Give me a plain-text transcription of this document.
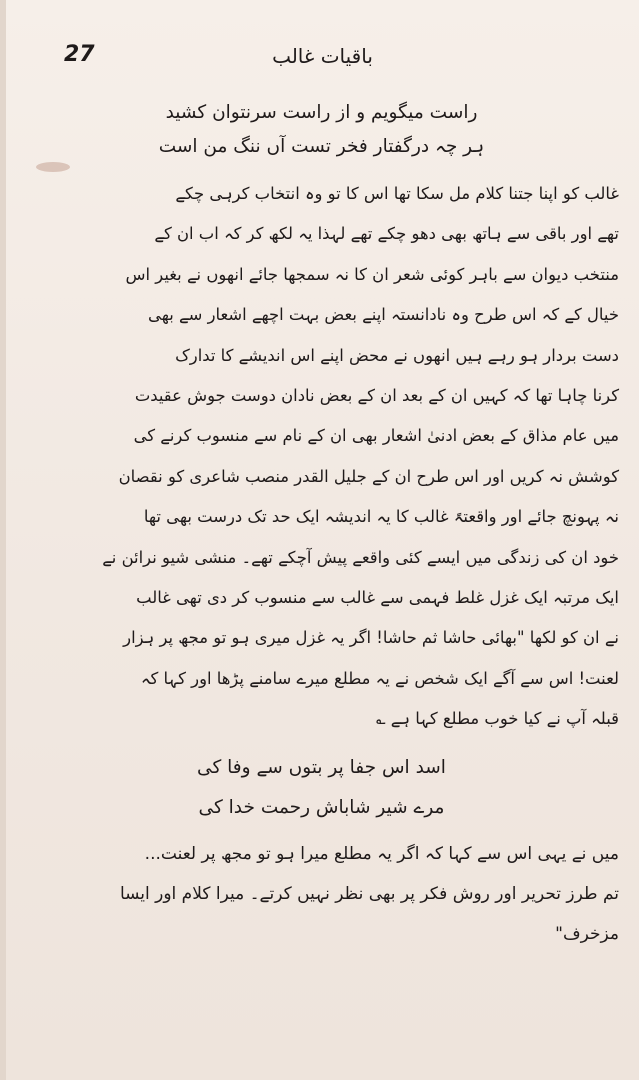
27	باقیات غالب
راست میگویم و از راست سرنتوان کشید
ہر چہ درگفتار فخر تست آں ننگ من است

غالب کو اپنا جتنا کلام مل سکا تھا اس کا تو وہ انتخاب کرہی چکے

تھے اور باقی سے ہاتھ بھی دھو چکے تھے لہذا یہ لکھ کر کہ اب ان کے

منتخب دیوان سے باہر کوئی شعر ان کا نہ سمجھا جائے انھوں نے بغیر اس

خیال کے کہ اس طرح وہ نادانستہ اپنے بعض بہت اچھے اشعار سے بھی

دست بردار ہو رہے ہیں انھوں نے محض اپنے اس اندیشے کا تدارک

کرنا چاہا تھا کہ کہیں ان کے بعد ان کے بعض نادان دوست جوش عقیدت

میں عام مذاق کے بعض ادنیٰ اشعار بھی ان کے نام سے منسوب کرنے کی

کوشش نہ کریں اور اس طرح ان کے جلیل القدر منصب شاعری کو نقصان

نہ پہونچ جائے اور واقعتہً غالب کا یہ اندیشہ ایک حد تک درست بھی تھا

خود ان کی زندگی میں ایسے کئی واقعے پیش آچکے تھے۔ منشی شیو نرائن نے

ایک مرتبہ ایک غزل غلط فہمی سے غالب سے منسوب کر دی تھی غالب

نے ان کو لکھا "بھائی حاشا ثم حاشا! اگر یہ غزل میری ہو تو مجھ پر ہزار

لعنت! اس سے آگے ایک شخص نے یہ مطلع میرے سامنے پڑھا اور کہا کہ

قبلہ آپ نے کیا خوب مطلع کہا ہے ؎

اسد اس جفا پر بتوں سے وفا کی
مرے شیر شاباش رحمت خدا کی

میں نے یہی اس سے کہا کہ اگر یہ مطلع میرا ہو تو مجھ پر لعنت...

تم طرز تحریر اور روش فکر پر بھی نظر نہیں کرتے۔ میرا کلام اور ایسا

مزخرف"
